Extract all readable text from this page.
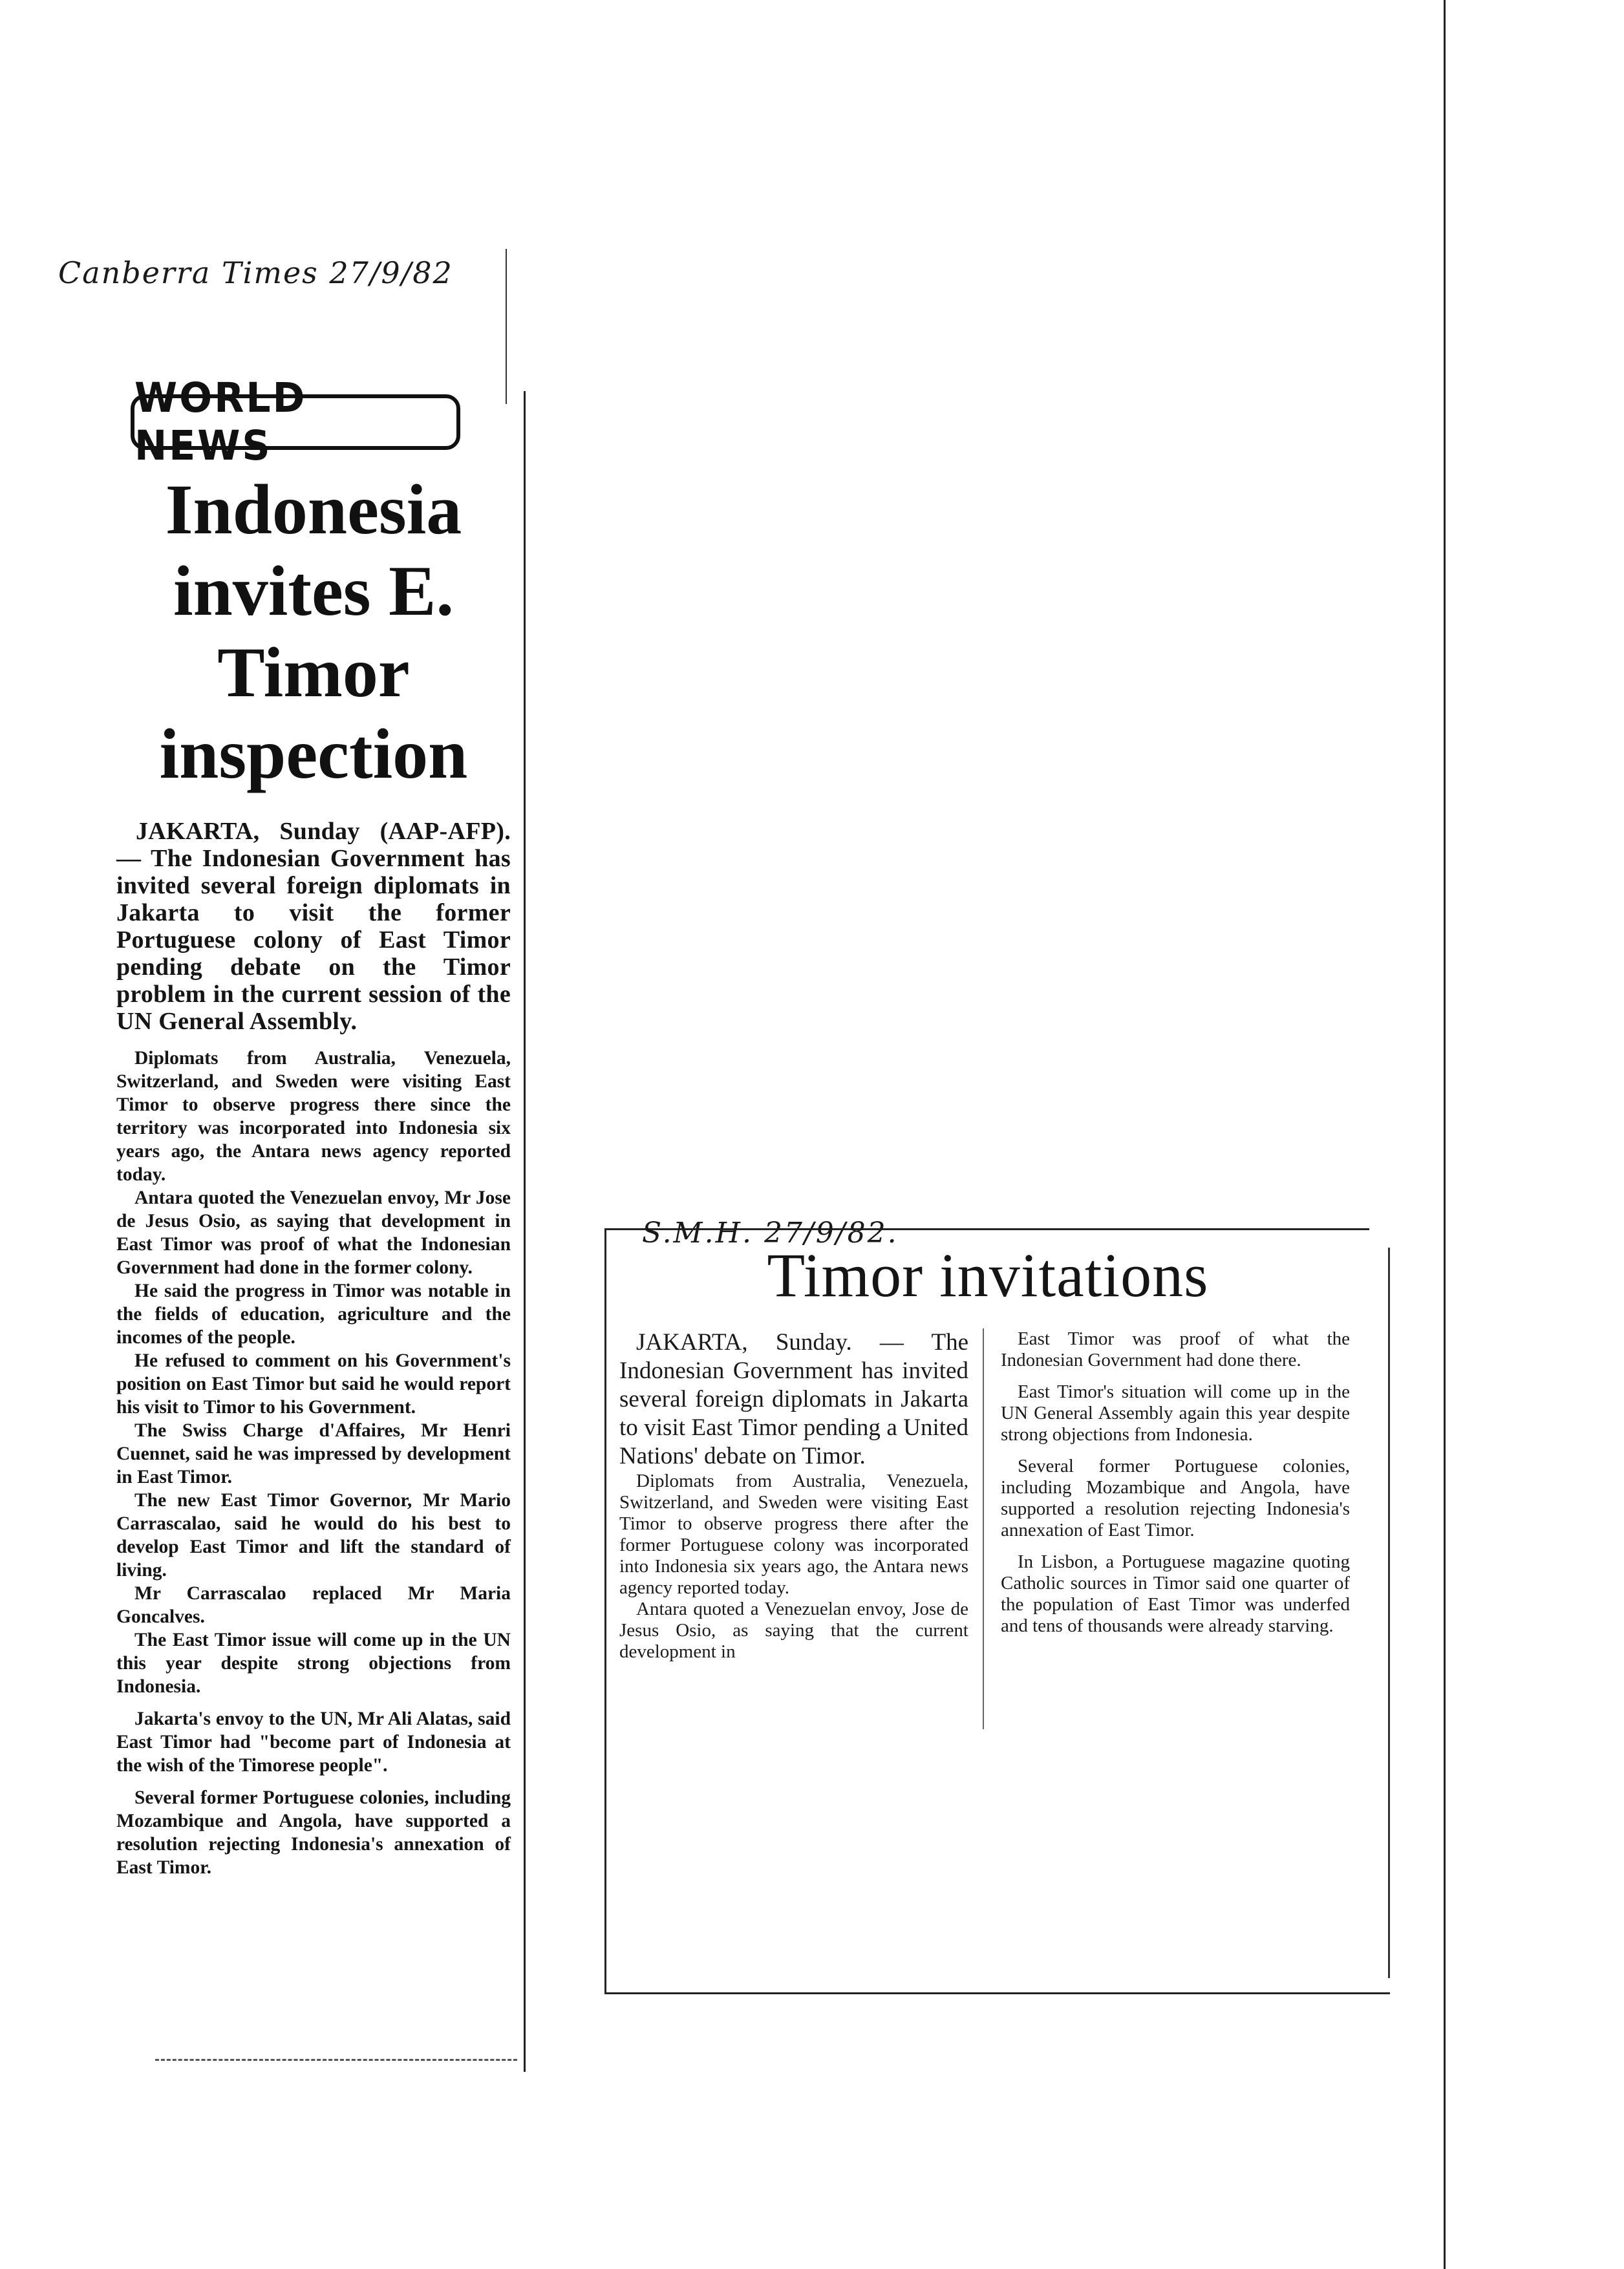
Canberra Times 27/9/82
WORLD NEWS
Indonesia invites E. Timor inspection

JAKARTA, Sunday (AAP-AFP). — The Indonesian Government has invited several foreign diplomats in Jakarta to visit the former Portuguese colony of East Timor pending debate on the Timor problem in the current session of the UN General Assembly.

Diplomats from Australia, Venezuela, Switzerland, and Sweden were visiting East Timor to observe progress there since the territory was incorporated into Indonesia six years ago, the Antara news agency reported today.

Antara quoted the Venezuelan envoy, Mr Jose de Jesus Osio, as saying that development in East Timor was proof of what the Indonesian Government had done in the former colony.

He said the progress in Timor was notable in the fields of education, agriculture and the incomes of the people.

He refused to comment on his Government's position on East Timor but said he would report his visit to Timor to his Government.

The Swiss Charge d'Affaires, Mr Henri Cuennet, said he was impressed by development in East Timor.

The new East Timor Governor, Mr Mario Carrascalao, said he would do his best to develop East Timor and lift the standard of living.

Mr Carrascalao replaced Mr Maria Goncalves.

The East Timor issue will come up in the UN this year despite strong objections from Indonesia.

Jakarta's envoy to the UN, Mr Ali Alatas, said East Timor had "become part of Indonesia at the wish of the Timorese people".

Several former Portuguese colonies, including Mozambique and Angola, have supported a resolution rejecting Indonesia's annexation of East Timor.

S.M.H. 27/9/82.
Timor invitations

JAKARTA, Sunday. — The Indonesian Government has invited several foreign diplomats in Jakarta to visit East Timor pending a United Nations' debate on Timor.

Diplomats from Australia, Venezuela, Switzerland, and Sweden were visiting East Timor to observe progress there after the former Portuguese colony was incorporated into Indonesia six years ago, the Antara news agency reported today.

Antara quoted a Venezuelan envoy, Jose de Jesus Osio, as saying that the current development in

East Timor was proof of what the Indonesian Government had done there.

East Timor's situation will come up in the UN General Assembly again this year despite strong objections from Indonesia.

Several former Portuguese colonies, including Mozambique and Angola, have supported a resolution rejecting Indonesia's annexation of East Timor.

In Lisbon, a Portuguese magazine quoting Catholic sources in Timor said one quarter of the population of East Timor was underfed and tens of thousands were already starving.
